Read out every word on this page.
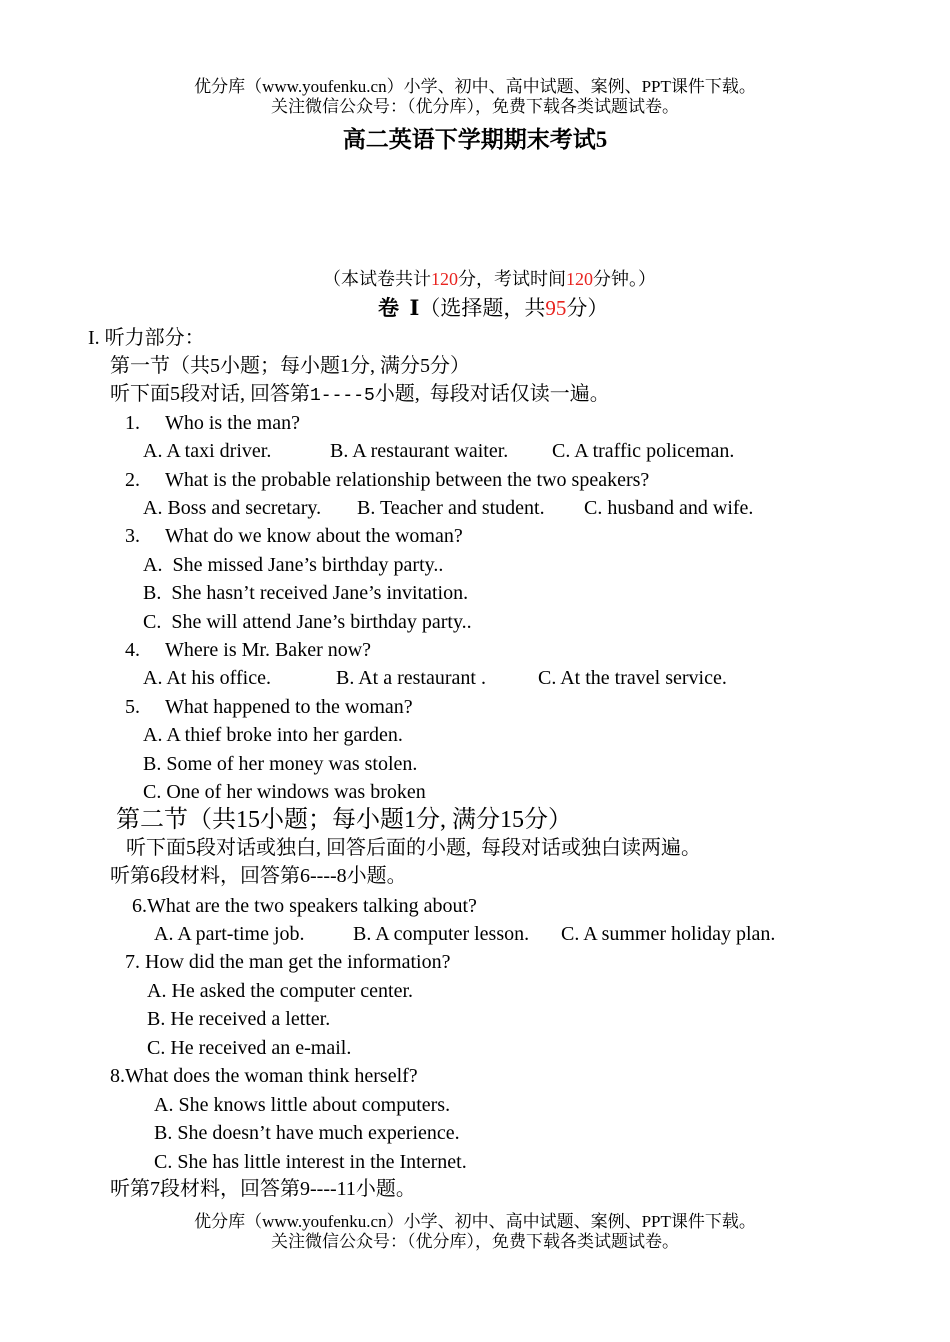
优分库（www.youfenku.cn）小学、初中、高中试题、案例、PPT课件下载。
关注微信公众号：（优分库），免费下载各类试题试卷。
高二英语下学期期末考试5
（本试卷共计120分，考试时间120分钟。）
卷  Ⅰ（选择题，共95分）
I. 听力部分：
第一节（共5小题；每小题1分, 满分5分）
听下面5段对话, 回答第1----5小题,  每段对话仅读一遍。
1. Who is the man?
A. A taxi driver.	B. A restaurant waiter. C. A traffic policeman.
2. What is the probable relationship between the two speakers?
A. Boss and secretary. B. Teacher and student. C. husband and wife.
3. What do we know about the woman?
A.  She missed Jane’s birthday party..
B.  She hasn’t received Jane’s invitation.
C.  She will attend Jane’s birthday party..
4. Where is Mr. Baker now?
A. At his office.	B. At a restaurant .	C. At the travel service.
5. What happened to the woman?
A. A thief broke into her garden.
B. Some of her money was stolen.
C. One of her windows was broken
第二节（共15小题；每小题1分, 满分15分）
听下面5段对话或独白, 回答后面的小题,  每段对话或独白读两遍。
听第6段材料，回答第6----8小题。
6.What are the two speakers talking about?
A. A part-time job. B. A computer lesson. C. A summer holiday plan.
7. How did the man get the information?
A. He asked the computer center.
B. He received a letter.
C. He received an e-mail.
8.What does the woman think herself?
A. She knows little about computers.
B. She doesn’t have much experience.
C. She has little interest in the Internet.
听第7段材料，回答第9----11小题。
优分库（www.youfenku.cn）小学、初中、高中试题、案例、PPT课件下载。
关注微信公众号：（优分库），免费下载各类试题试卷。
